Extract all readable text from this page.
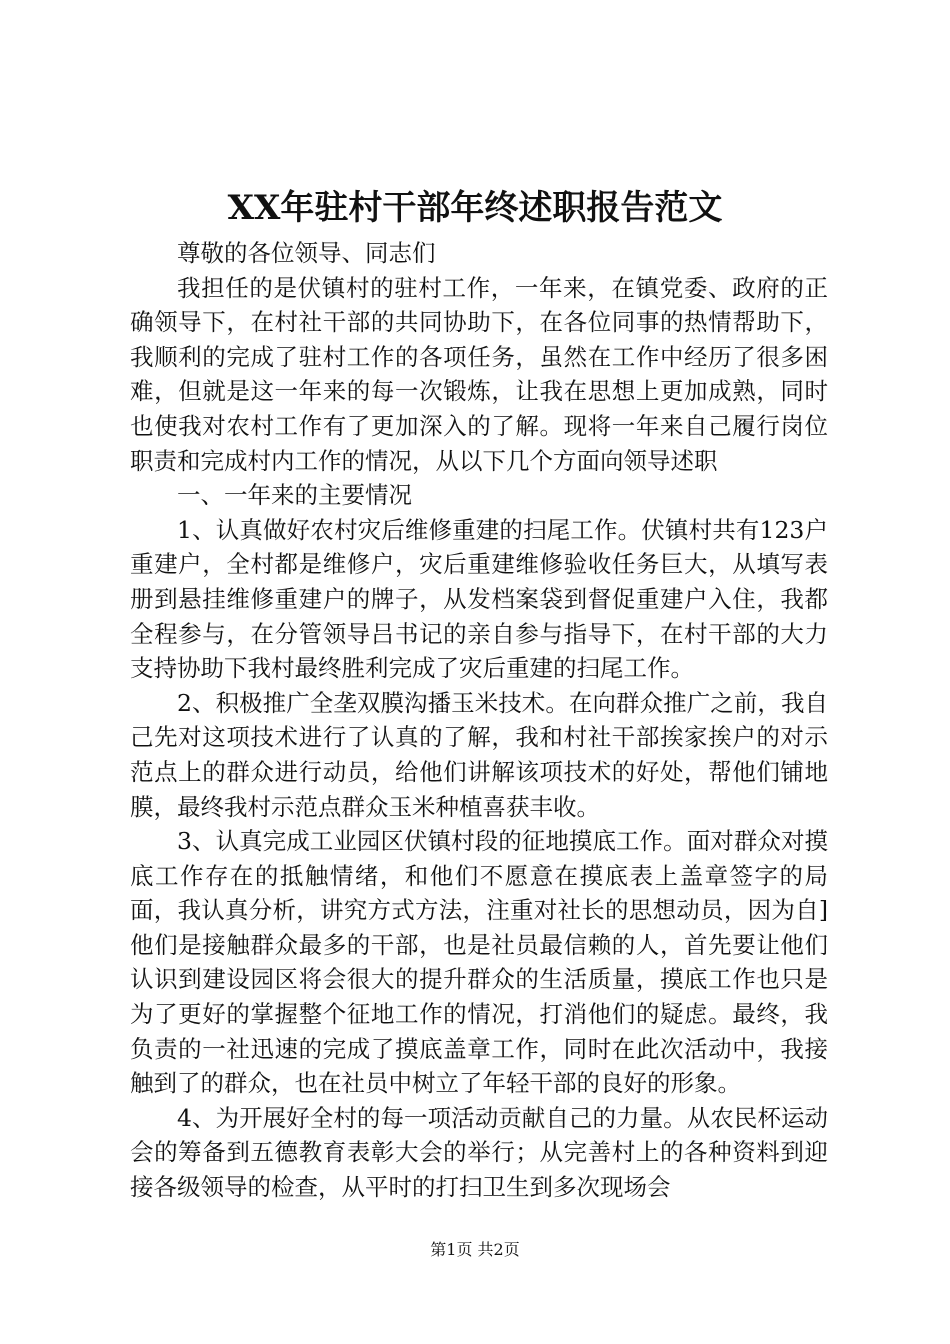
XX年驻村干部年终述职报告范文

尊敬的各位领导、同志们

我担任的是伏镇村的驻村工作，一年来，在镇党委、政府的正确领导下，在村社干部的共同协助下，在各位同事的热情帮助下，我顺利的完成了驻村工作的各项任务，虽然在工作中经历了很多困难，但就是这一年来的每一次锻炼，让我在思想上更加成熟，同时也使我对农村工作有了更加深入的了解。现将一年来自己履行岗位职责和完成村内工作的情况，从以下几个方面向领导述职

一、一年来的主要情况

1、认真做好农村灾后维修重建的扫尾工作。伏镇村共有123户重建户，全村都是维修户，灾后重建维修验收任务巨大，从填写表册到悬挂维修重建户的牌子，从发档案袋到督促重建户入住，我都全程参与，在分管领导吕书记的亲自参与指导下，在村干部的大力支持协助下我村最终胜利完成了灾后重建的扫尾工作。

2、积极推广全垄双膜沟播玉米技术。在向群众推广之前，我自己先对这项技术进行了认真的了解，我和村社干部挨家挨户的对示范点上的群众进行动员，给他们讲解该项技术的好处，帮他们铺地膜，最终我村示范点群众玉米种植喜获丰收。

3、认真完成工业园区伏镇村段的征地摸底工作。面对群众对摸底工作存在的抵触情绪，和他们不愿意在摸底表上盖章签字的局面，我认真分析，讲究方式方法，注重对社长的思想动员，因为自]他们是接触群众最多的干部，也是社员最信赖的人，首先要让他们认识到建设园区将会很大的提升群众的生活质量，摸底工作也只是为了更好的掌握整个征地工作的情况，打消他们的疑虑。最终，我负责的一社迅速的完成了摸底盖章工作，同时在此次活动中，我接触到了的群众，也在社员中树立了年轻干部的良好的形象。

4、为开展好全村的每一项活动贡献自己的力量。从农民杯运动会的筹备到五德教育表彰大会的举行；从完善村上的各种资料到迎接各级领导的检查，从平时的打扫卫生到多次现场会

第1页 共2页
